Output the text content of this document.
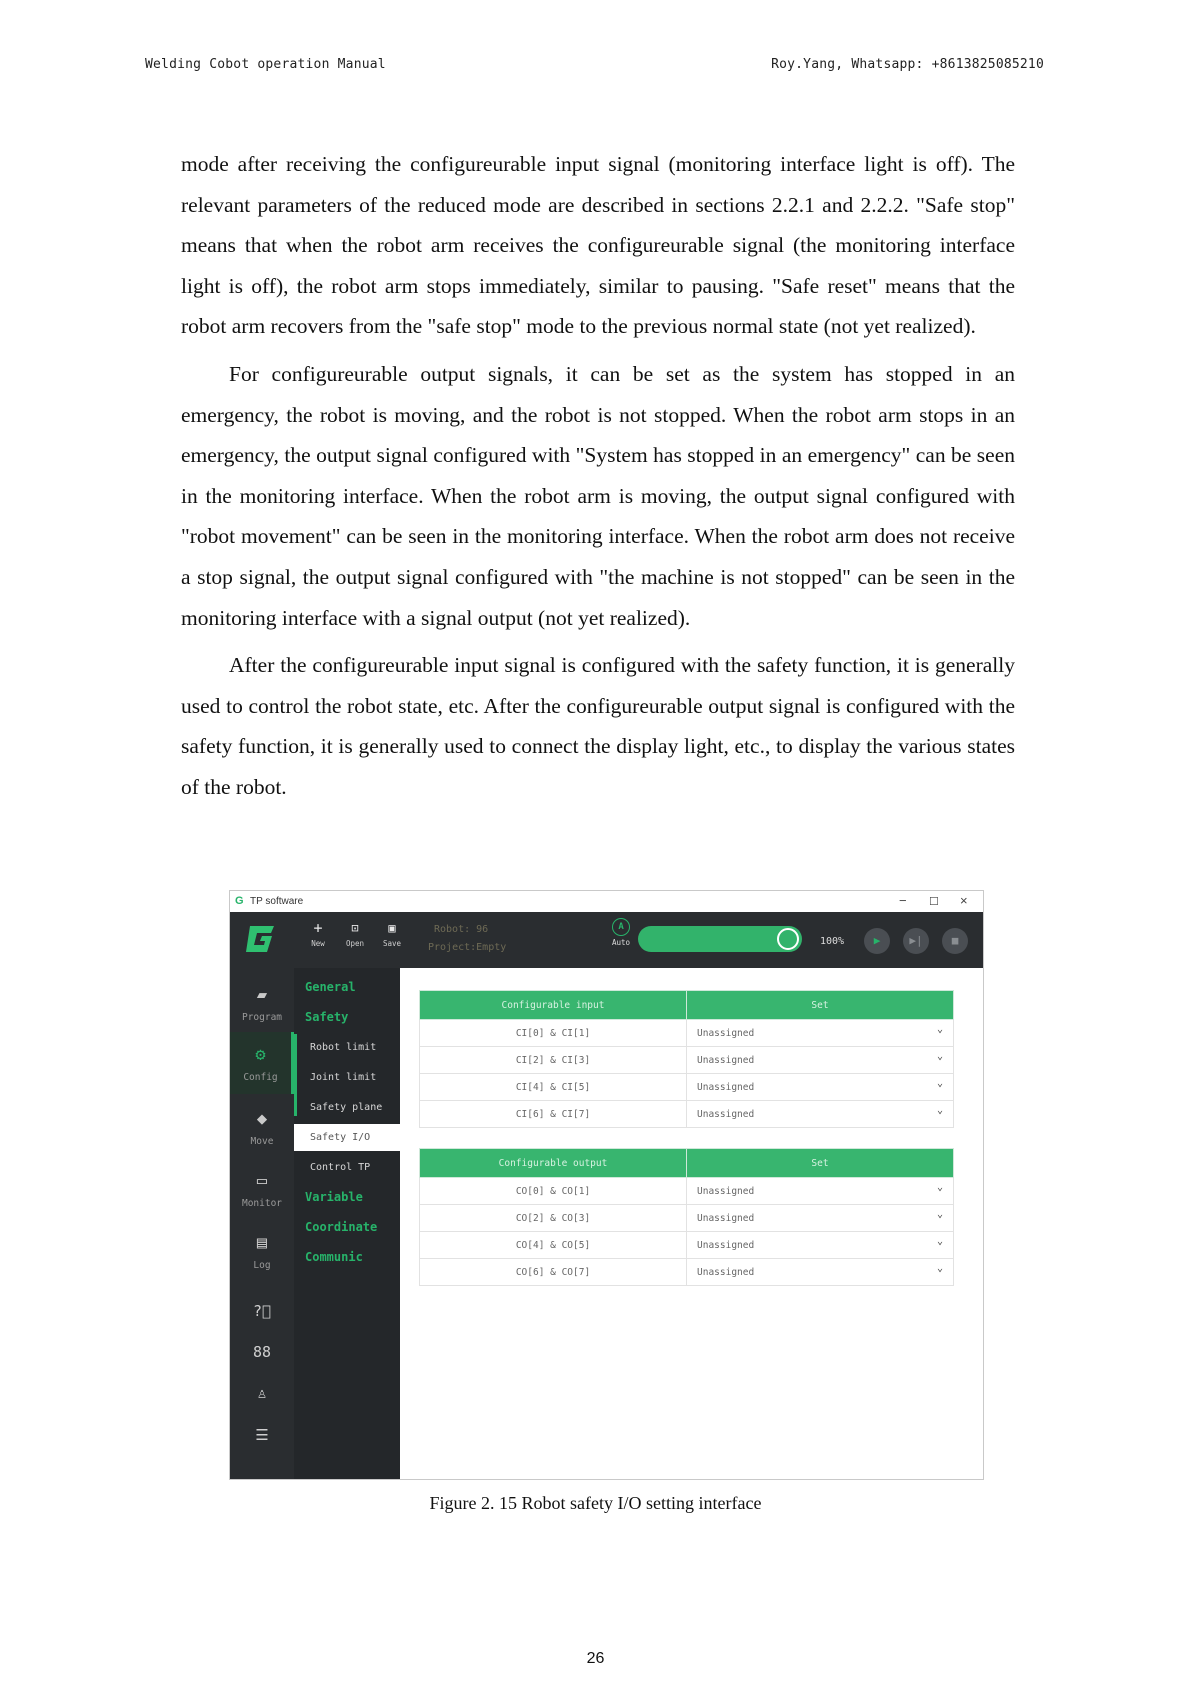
Welding Cobot operation Manual	Roy.Yang, Whatsapp: +8613825085210

mode after receiving the configureurable input signal (monitoring interface light is off). The relevant parameters of the reduced mode are described in sections 2.2.1 and 2.2.2. "Safe stop" means that when the robot arm receives the configureurable signal (the monitoring interface light is off), the robot arm stops immediately, similar to pausing. "Safe reset" means that the robot arm recovers from the "safe stop" mode to the previous normal state (not yet realized).

For configureurable output signals, it can be set as the system has stopped in an emergency, the robot is moving, and the robot is not stopped. When the robot arm stops in an emergency, the output signal configured with "System has stopped in an emergency" can be seen in the monitoring interface. When the robot arm is moving, the output signal configured with "robot movement" can be seen in the monitoring interface. When the robot arm does not receive a stop signal, the output signal configured with "the machine is not stopped" can be seen in the monitoring interface with a signal output (not yet realized).

After the configureurable input signal is configured with the safety function, it is generally used to control the robot state, etc. After the configureurable output signal is configured with the safety function, it is generally used to connect the display light, etc., to display the various states of the robot.

G TP software	− ☐ ×
+
New
⊡
Open
▣
Save
Robot: 96
Project:Empty
A
Auto	100%	▶	▶|	■
▰
Program
⚙
Config
◆
Move
▭
Monitor
▤
Log
?⃝
88
♙
☰
General
Safety
Robot limit
Joint limit
Safety plane
Safety I/O
Control TP
Variable
Coordinate
Communic
Configurable input	Set
CI[0] & CI[1]	Unassigned ⌄

CI[2] & CI[3]	Unassigned ⌄

CI[4] & CI[5]	Unassigned ⌄

CI[6] & CI[7]	Unassigned ⌄
Configurable output	Set
CO[0] & CO[1]	Unassigned ⌄

CO[2] & CO[3]	Unassigned ⌄

CO[4] & CO[5]	Unassigned ⌄

CO[6] & CO[7]	Unassigned ⌄
Figure 2. 15 Robot safety I/O setting interface
26
